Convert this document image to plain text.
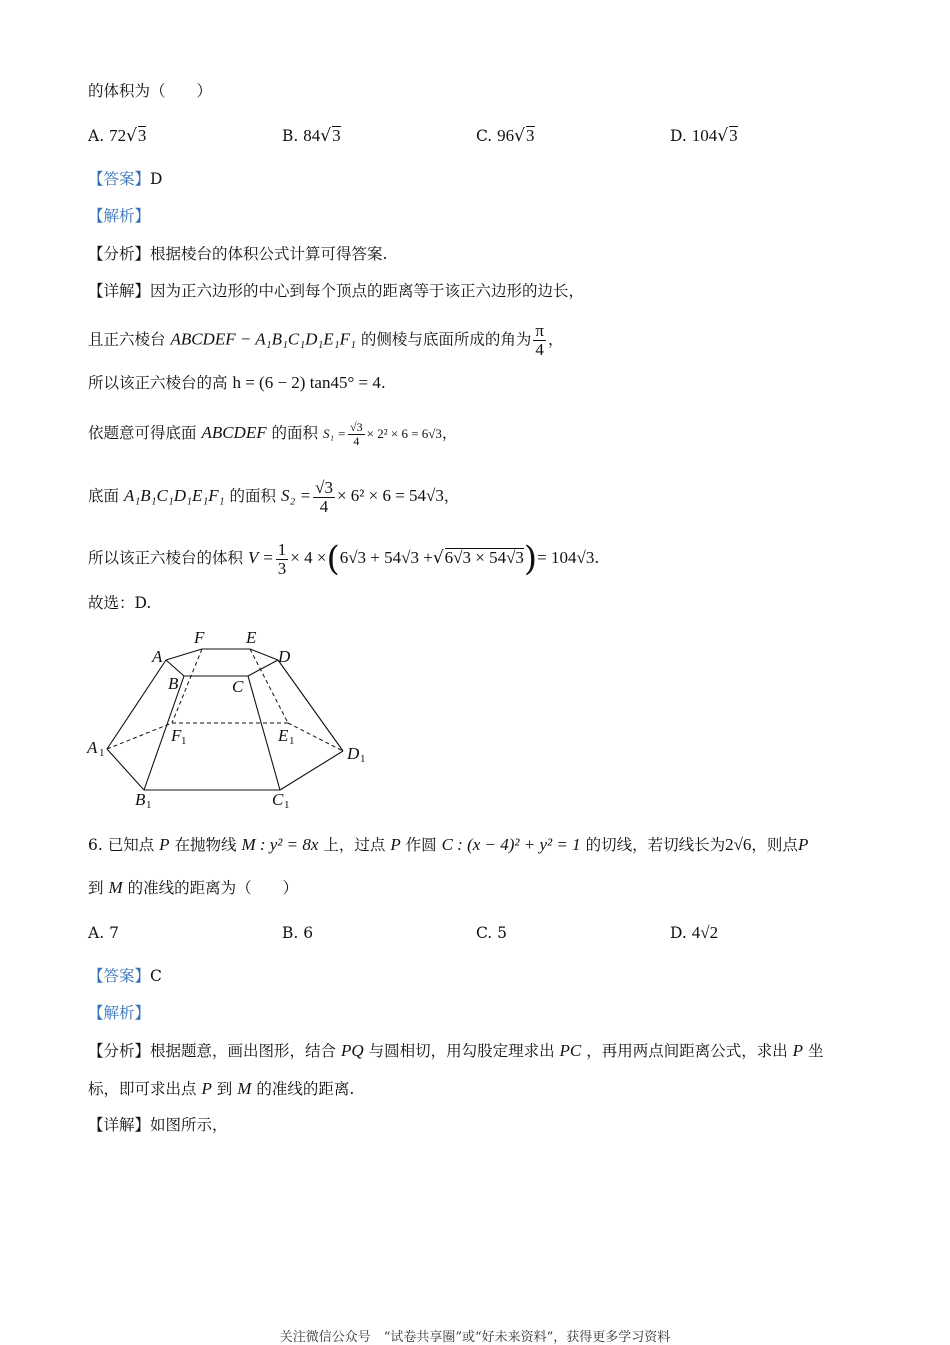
的体积为（　　）
A. 72√3	B. 84√3	C. 96√3	D. 104√3
【答案】D
【解析】
【分析】根据棱台的体积公式计算可得答案.
【详解】因为正六边形的中心到每个顶点的距离等于该正六边形的边长，
且正六棱台 ABCDEF − A₁B₁C₁D₁E₁F₁ 的侧棱与底面所成的角为 $\frac{\pi}{4}$ ，
所以该正六棱台的高 h = (6 − 2) tan45° = 4.
依题意可得底面 ABCDEF 的面积 $S_1 = \frac{√3}{4} \times 2^2 \times 6 = 6√3$，
底面 A₁B₁C₁D₁E₁F₁ 的面积 $S_2 = \frac{√3}{4} \times 6^2 \times 6 = 54√3$，
所以该正六棱台的体积 $V = \frac{1}{3} \times 4 \times(6√3 + 54√3 +√6√3 \times 54√3)= 104√3$.
故选：D.
A
F E
D
B	C
A 1
F 1	E 1
D 1
B 1	C 1
6. 已知点 P 在抛物线 M : y² = 8x 上，过点 P 作圆 C : (x − 4)² + y² = 1 的切线，若切线长为2√6，则点P
到 M 的准线的距离为（　　）
A. 7	B. 6	C. 5	D. 4√2
【答案】C
【解析】
【分析】根据题意，画出图形，结合 PQ 与圆相切，用勾股定理求出 PC ，再用两点间距离公式，求出 P 坐
标，即可求出点 P 到 M 的准线的距离.
【详解】如图所示，
关注微信公众号　“试卷共享圈”或“好未来资料”，获得更多学习资料
